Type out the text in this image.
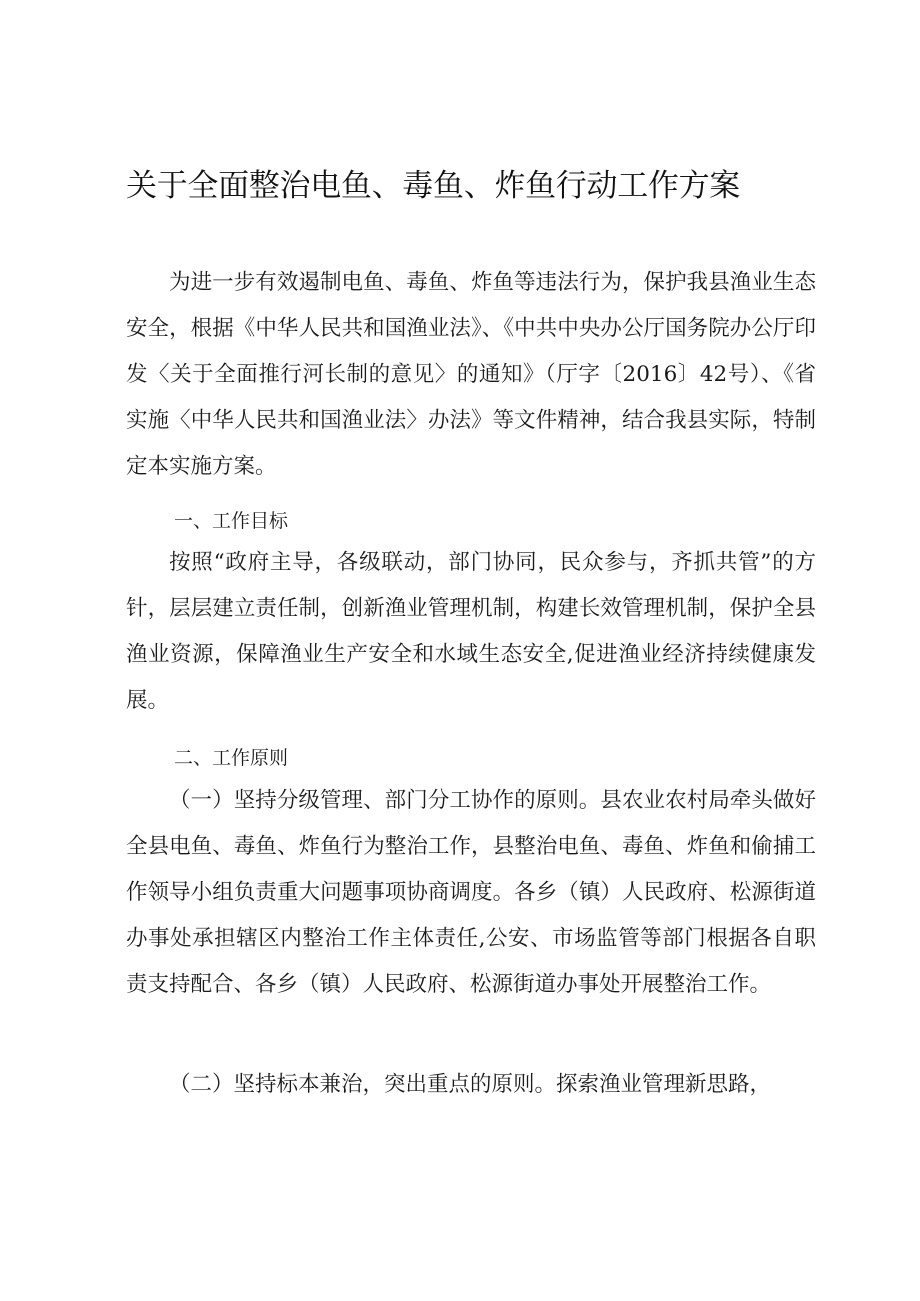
关于全面整治电鱼、毒鱼、炸鱼行动工作方案

为进一步有效遏制电鱼、毒鱼、炸鱼等违法行为，保护我县渔业生态安全，根据《中华人民共和国渔业法》、《中共中央办公厅国务院办公厅印发〈关于全面推行河长制的意见〉的通知》（厅字〔2016〕42号）、《省实施〈中华人民共和国渔业法〉办法》等文件精神，结合我县实际，特制定本实施方案。

一、工作目标

按照“政府主导，各级联动，部门协同，民众参与，齐抓共管”的方针，层层建立责任制，创新渔业管理机制，构建长效管理机制，保护全县渔业资源，保障渔业生产安全和水域生态安全,促进渔业经济持续健康发展。

二、工作原则

（一）坚持分级管理、部门分工协作的原则。县农业农村局牵头做好全县电鱼、毒鱼、炸鱼行为整治工作，县整治电鱼、毒鱼、炸鱼和偷捕工作领导小组负责重大问题事项协商调度。各乡（镇）人民政府、松源街道办事处承担辖区内整治工作主体责任,公安、市场监管等部门根据各自职责支持配合、各乡（镇）人民政府、松源街道办事处开展整治工作。

（二）坚持标本兼治，突出重点的原则。探索渔业管理新思路，
